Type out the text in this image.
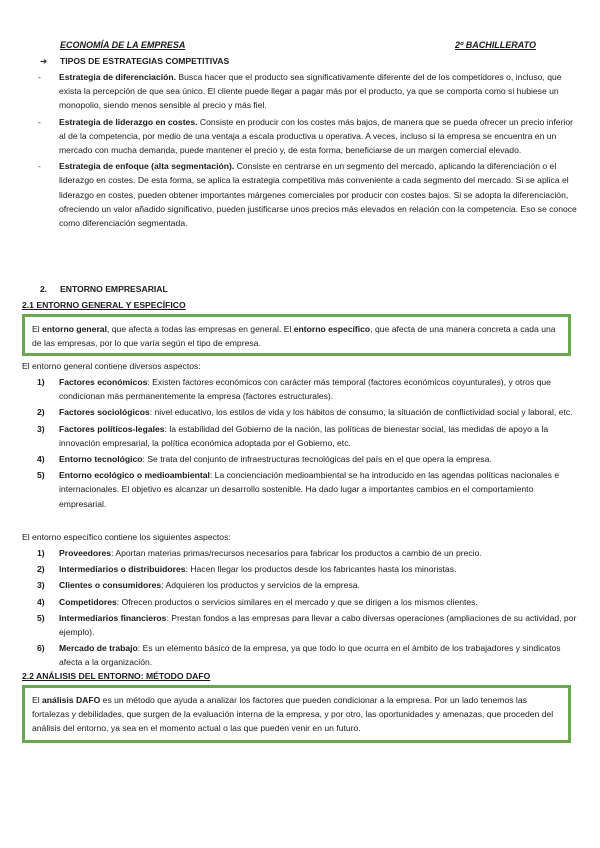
ECONOMÍA DE LA EMPRESA	2º BACHILLERATO
➔ TIPOS DE ESTRATEGIAS COMPETITIVAS
- Estrategia de diferenciación. Busca hacer que el producto sea significativamente diferente del de los competidores o, incluso, que exista la percepción de que sea único. El cliente puede llegar a pagar más por el producto, ya que se comporta como si hubiese un monopolio, siendo menos sensible al precio y más fiel.
- Estrategia de liderazgo en costes. Consiste en producir con los costes más bajos, de manera que se pueda ofrecer un precio inferior al de la competencia, por medio de una ventaja a escala productiva u operativa. A veces, incluso si la empresa se encuentra en un mercado con mucha demanda, puede mantener el precio y, de esta forma, beneficiarse de un margen comercial elevado.
- Estrategia de enfoque (alta segmentación). Consiste en centrarse en un segmento del mercado, aplicando la diferenciación o el liderazgo en costes. De esta forma, se aplica la estrategia competitiva más conveniente a cada segmento del mercado. Si se aplica el liderazgo en costes, pueden obtener importantes márgenes comerciales por producir con costes bajos. Si se adopta la diferenciación, ofreciendo un valor añadido significativo, pueden justificarse unos precios más elevados en relación con la competencia. Eso se conoce como diferenciación segmentada.
2. ENTORNO EMPRESARIAL
2.1 ENTORNO GENERAL Y ESPECÍFICO
El entorno general, que afecta a todas las empresas en general. El entorno específico, que afecta de una manera concreta a cada una de las empresas, por lo que varía según el tipo de empresa.
El entorno general contiene diversos aspectos:
1) Factores económicos: Existen factores económicos con carácter más temporal (factores económicos coyunturales), y otros que condicionan más permanentemente la empresa (factores estructurales).
2) Factores sociológicos: nivel educativo, los estilos de vida y los hábitos de consumo, la situación de conflictividad social y laboral, etc.
3) Factores políticos-legales: la estabilidad del Gobierno de la nación, las políticas de bienestar social, las medidas de apoyo a la innovación empresarial, la política económica adoptada por el Gobierno, etc.
4) Entorno tecnológico: Se trata del conjunto de infraestructuras tecnológicas del país en el que opera la empresa.
5) Entorno ecológico o medioambiental: La concienciación medioambiental se ha introducido en las agendas políticas nacionales e internacionales. El objetivo es alcanzar un desarrollo sostenible. Ha dado lugar a importantes cambios en el comportamiento empresarial.
El entorno específico contiene los siguientes aspectos:
1) Proveedores: Aportan materias primas/recursos necesarios para fabricar los productos a cambio de un precio.
2) Intermediarios o distribuidores: Hacen llegar los productos desde los fabricantes hasta los minoristas.
3) Clientes o consumidores: Adquieren los productos y servicios de la empresa.
4) Competidores: Ofrecen productos o servicios similares en el mercado y que se dirigen a los mismos clientes.
5) Intermediarios financieros: Prestan fondos a las empresas para llevar a cabo diversas operaciones (ampliaciones de su actividad, por ejemplo).
6) Mercado de trabajo: Es un elemento básico de la empresa, ya que todo lo que ocurra en el ámbito de los trabajadores y sindicatos afecta a la organización.
2.2 ANÁLISIS DEL ENTORNO: MÉTODO DAFO
El análisis DAFO es un método que ayuda a analizar los factores que pueden condicionar a la empresa. Por un lado tenemos las fortalezas y debilidades, que surgen de la evaluación interna de la empresa, y por otro, las oportunidades y amenazas, que proceden del análisis del entorno, ya sea en el momento actual o las que pueden venir en un futuro.
